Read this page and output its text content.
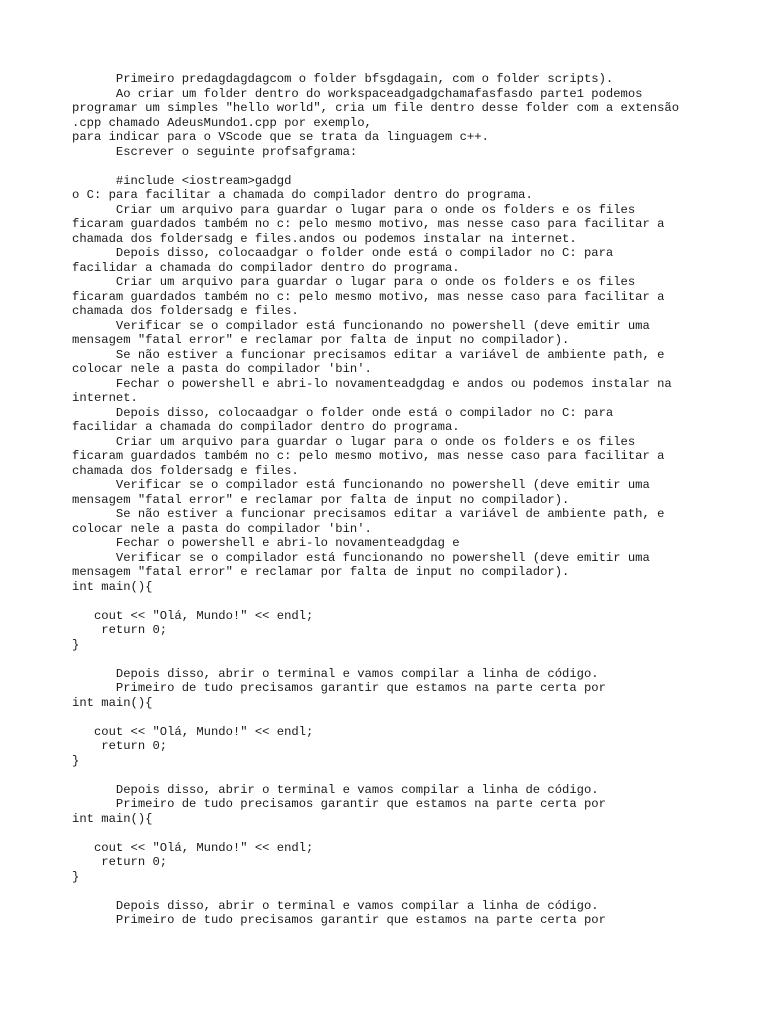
Primeiro predagdagdagcom o folder bfsgdagain, com o folder scripts).
Ao criar um folder dentro do workspaceadgadgchamafasfasdo parte1 podemos
programar um simples "hello world", cria um file dentro desse folder com a extensão
.cpp chamado AdeusMundo1.cpp por exemplo,
para indicar para o VScode que se trata da linguagem c++.
Escrever o seguinte profsafgrama:
#include <iostream>gadgd
o C: para facilitar a chamada do compilador dentro do programa.
Criar um arquivo para guardar o lugar para o onde os folders e os files
ficaram guardados também no c: pelo mesmo motivo, mas nesse caso para facilitar a
chamada dos foldersadg e files.andos ou podemos instalar na internet.
Depois disso, colocaadgar o folder onde está o compilador no C: para
facilidar a chamada do compilador dentro do programa.
Criar um arquivo para guardar o lugar para o onde os folders e os files
ficaram guardados também no c: pelo mesmo motivo, mas nesse caso para facilitar a
chamada dos foldersadg e files.
Verificar se o compilador está funcionando no powershell (deve emitir uma
mensagem "fatal error" e reclamar por falta de input no compilador).
Se não estiver a funcionar precisamos editar a variável de ambiente path, e
colocar nele a pasta do compilador 'bin'.
Fechar o powershell e abri-lo novamenteadgdag e andos ou podemos instalar na
internet.
Depois disso, colocaadgar o folder onde está o compilador no C: para
facilidar a chamada do compilador dentro do programa.
Criar um arquivo para guardar o lugar para o onde os folders e os files
ficaram guardados também no c: pelo mesmo motivo, mas nesse caso para facilitar a
chamada dos foldersadg e files.
Verificar se o compilador está funcionando no powershell (deve emitir uma
mensagem "fatal error" e reclamar por falta de input no compilador).
Se não estiver a funcionar precisamos editar a variável de ambiente path, e
colocar nele a pasta do compilador 'bin'.
Fechar o powershell e abri-lo novamenteadgdag e
Verificar se o compilador está funcionando no powershell (deve emitir uma
mensagem "fatal error" e reclamar por falta de input no compilador).
int main(){
cout << "Olá, Mundo!" << endl;
return 0;
}
Depois disso, abrir o terminal e vamos compilar a linha de código.
Primeiro de tudo precisamos garantir que estamos na parte certa por
int main(){
cout << "Olá, Mundo!" << endl;
return 0;
}
Depois disso, abrir o terminal e vamos compilar a linha de código.
Primeiro de tudo precisamos garantir que estamos na parte certa por
int main(){
cout << "Olá, Mundo!" << endl;
return 0;
}
Depois disso, abrir o terminal e vamos compilar a linha de código.
Primeiro de tudo precisamos garantir que estamos na parte certa por
